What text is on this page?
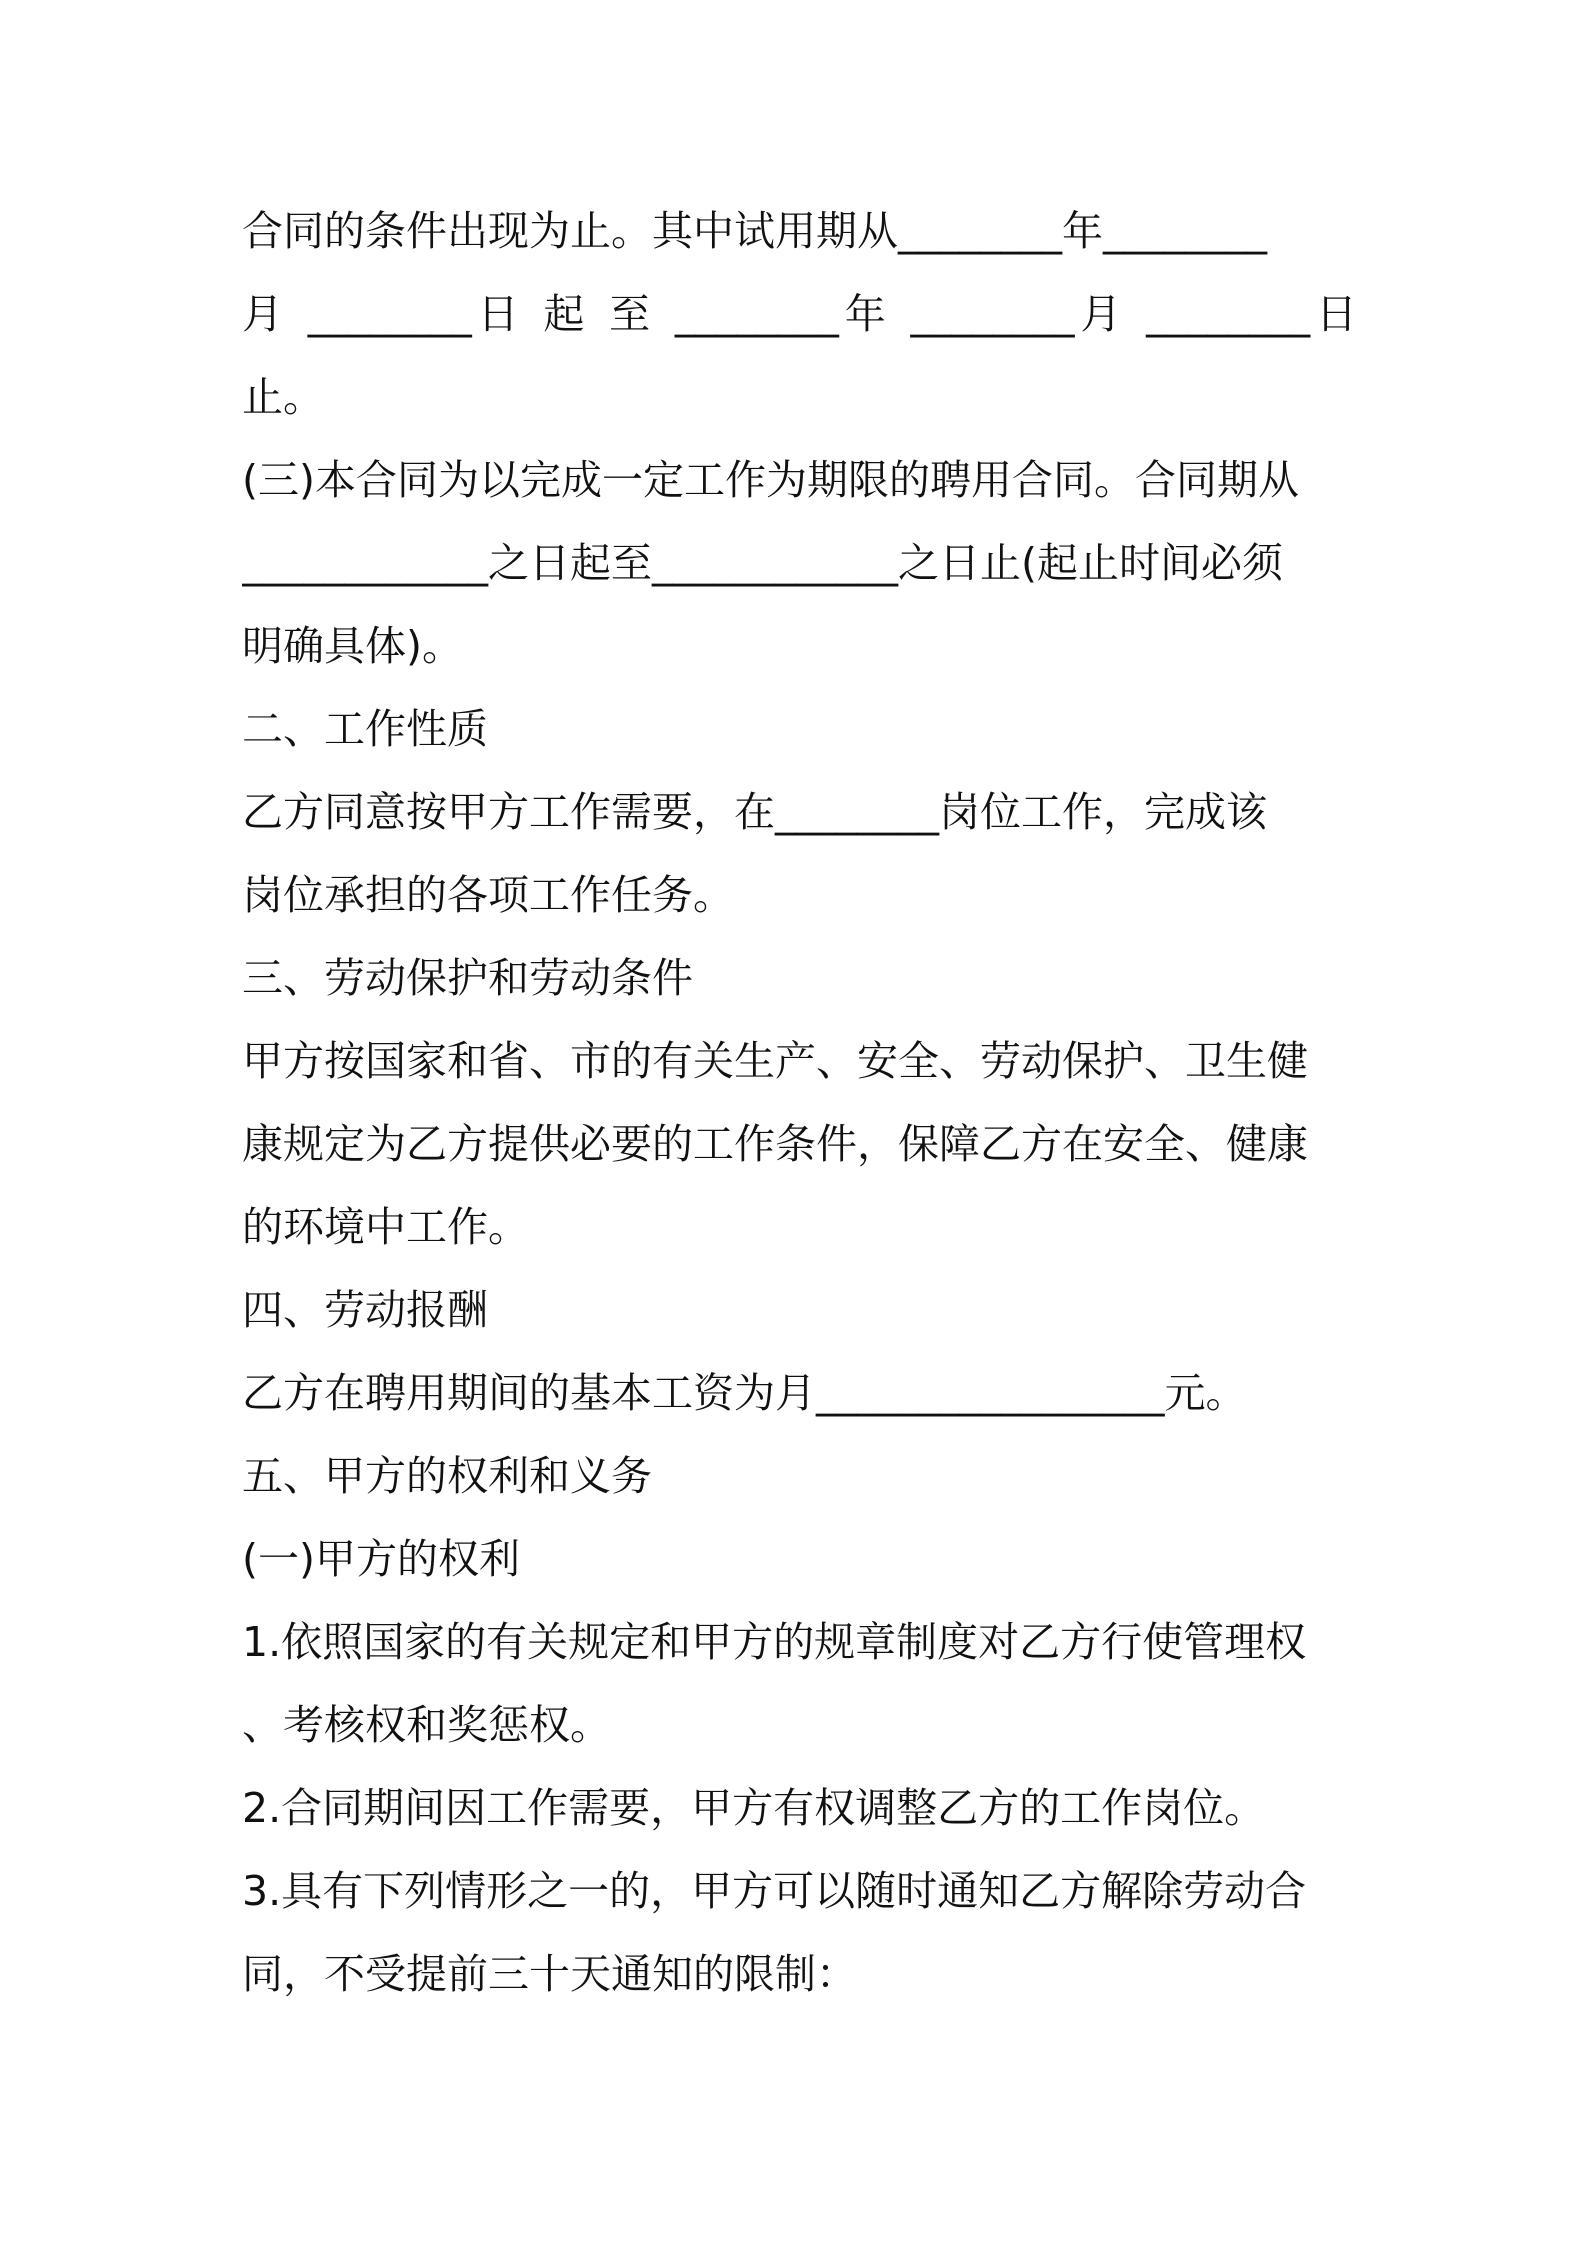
合同的条件出现为止。其中试用期从________年________
月 ________日 起 至 ________年 ________月 ________日
止。
(三)本合同为以完成一定工作为期限的聘用合同。合同期从
____________之日起至____________之日止(起止时间必须
明确具体)。
二、工作性质
乙方同意按甲方工作需要，在________岗位工作，完成该
岗位承担的各项工作任务。
三、劳动保护和劳动条件
甲方按国家和省、市的有关生产、安全、劳动保护、卫生健
康规定为乙方提供必要的工作条件，保障乙方在安全、健康
的环境中工作。
四、劳动报酬
乙方在聘用期间的基本工资为月_________________元。
五、甲方的权利和义务
(一)甲方的权利
1.依照国家的有关规定和甲方的规章制度对乙方行使管理权
、考核权和奖惩权。
2.合同期间因工作需要，甲方有权调整乙方的工作岗位。
3.具有下列情形之一的，甲方可以随时通知乙方解除劳动合
同，不受提前三十天通知的限制：
